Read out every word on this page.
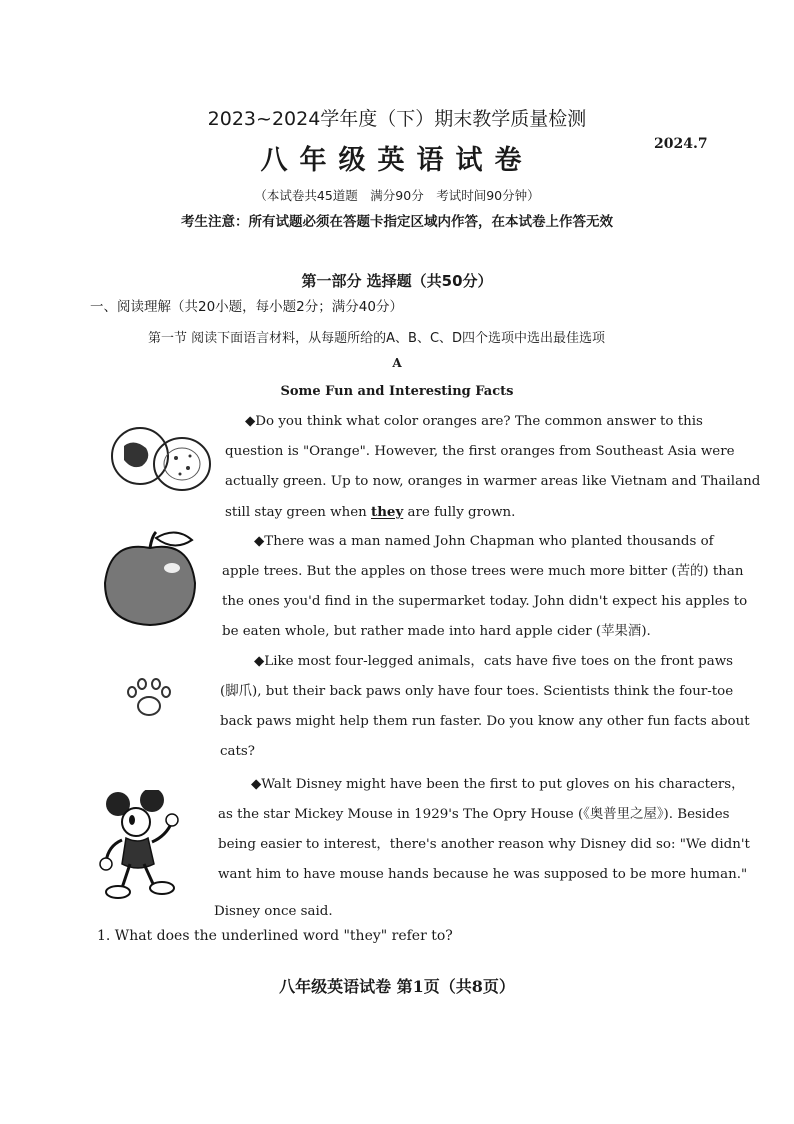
2023~2024学年度（下）期末教学质量检测
2024.7
八年级英语试卷
（本试卷共45道题　满分90分　考试时间90分钟）
考生注意：所有试题必须在答题卡指定区域内作答，在本试卷上作答无效
第一部分 选择题（共50分）
一、阅读理解（共20小题，每小题2分；满分40分）
第一节 阅读下面语言材料，从每题所给的A、B、C、D四个选项中选出最佳选项
A
Some Fun and Interesting Facts
◆Do you think what color oranges are? The common answer to this
question is "Orange". However, the first oranges from Southeast Asia were
actually green. Up to now, oranges in warmer areas like Vietnam and Thailand
still stay green when they are fully grown.
◆There was a man named John Chapman who planted thousands of
apple trees. But the apples on those trees were much more bitter (苦的) than
the ones you'd find in the supermarket today. John didn't expect his apples to
be eaten whole, but rather made into hard apple cider (苹果酒).
◆Like most four-legged animals，cats have five toes on the front paws
(脚爪), but their back paws only have four toes. Scientists think the four-toe
back paws might help them run faster. Do you know any other fun facts about
cats?
◆Walt Disney might have been the first to put gloves on his characters，
as the star Mickey Mouse in 1929's The Opry House (《奥普里之屋》). Besides
being easier to interest，there's another reason why Disney did so: "We didn't
want him to have mouse hands because he was supposed to be more human."
Disney once said.
1. What does the underlined word "they" refer to?
八年级英语试卷 第1页（共8页）
